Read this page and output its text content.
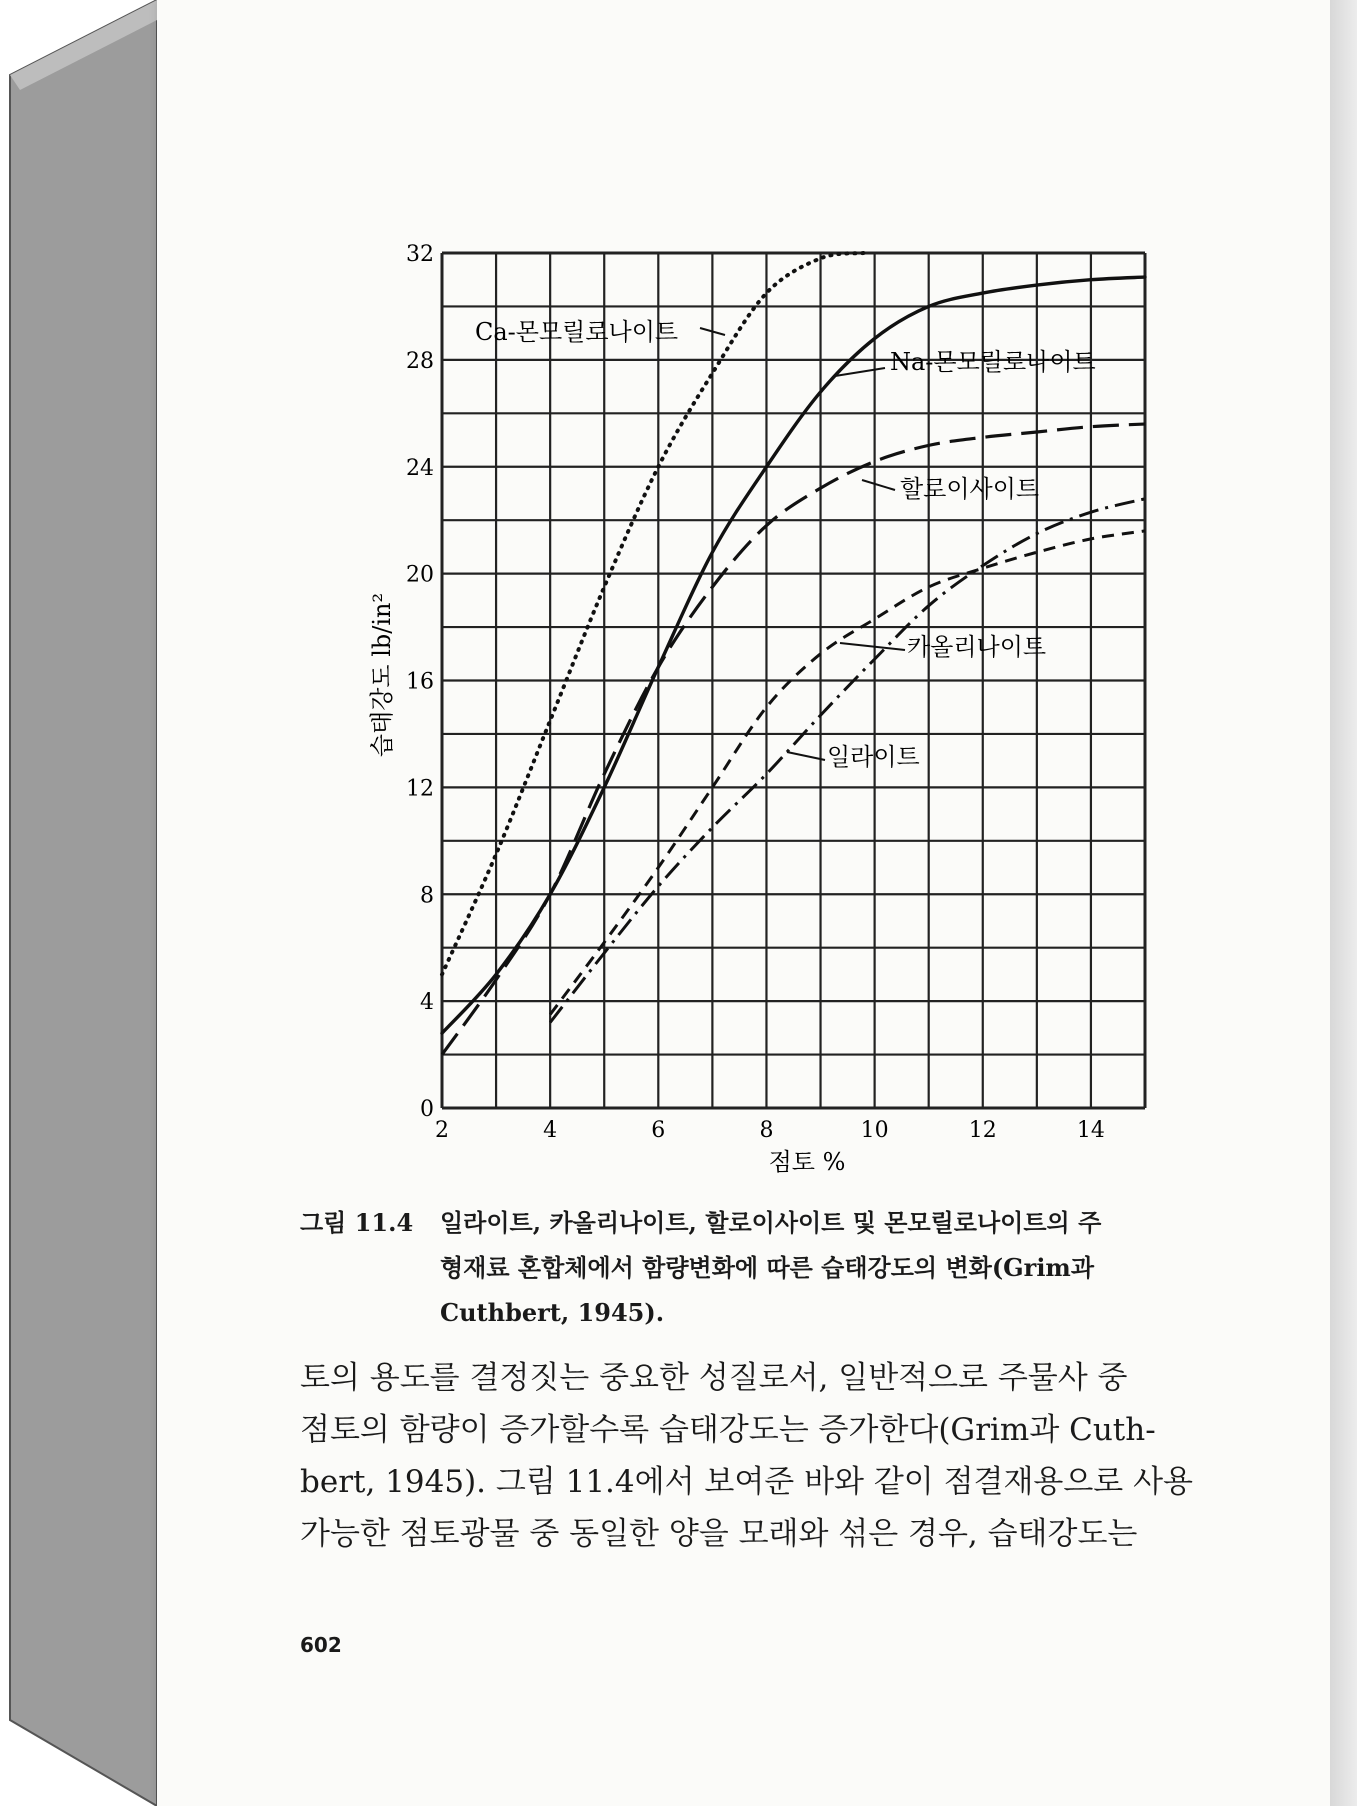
2	4	6	8	10	12	14
0
4
8
12
16
20
24
28
32
점토 %
습태강도 lb/in²
Ca-몬모릴로나이트
Na-몬모릴로나이트
할로이사이트
카올리나이트
일라이트
그림 11.4 일라이트, 카올리나이트, 할로이사이트 및 몬모릴로나이트의 주
형재료 혼합체에서 함량변화에 따른 습태강도의 변화(Grim과
Cuthbert, 1945).
토의 용도를 결정짓는 중요한 성질로서, 일반적으로 주물사 중
점토의 함량이 증가할수록 습태강도는 증가한다(Grim과 Cuth-
bert, 1945). 그림 11.4에서 보여준 바와 같이 점결재용으로 사용
가능한 점토광물 중 동일한 양을 모래와 섞은 경우, 습태강도는
602
